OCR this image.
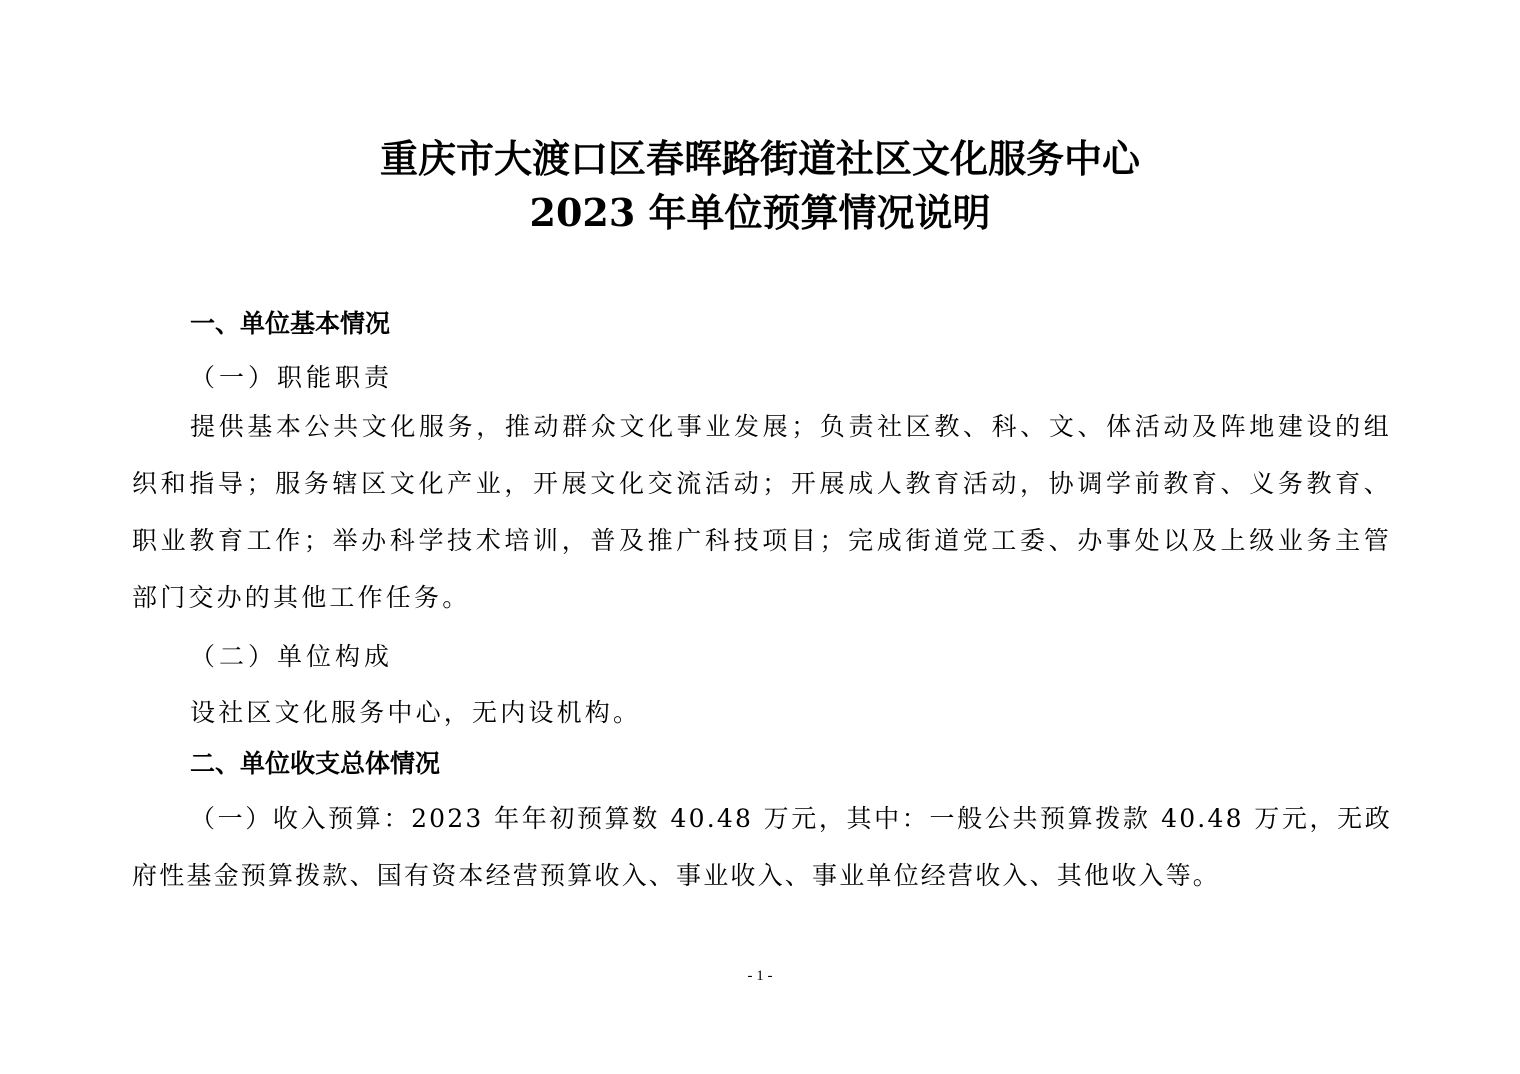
重庆市大渡口区春晖路街道社区文化服务中心
2023 年单位预算情况说明
一、单位基本情况
（一）职能职责
提供基本公共文化服务，推动群众文化事业发展；负责社区教、科、文、体活动及阵地建设的组织和指导；服务辖区文化产业，开展文化交流活动；开展成人教育活动，协调学前教育、义务教育、职业教育工作；举办科学技术培训，普及推广科技项目；完成街道党工委、办事处以及上级业务主管部门交办的其他工作任务。
（二）单位构成
设社区文化服务中心，无内设机构。
二、单位收支总体情况
（一）收入预算：2023 年年初预算数 40.48 万元，其中：一般公共预算拨款 40.48 万元，无政府性基金预算拨款、国有资本经营预算收入、事业收入、事业单位经营收入、其他收入等。
- 1 -
